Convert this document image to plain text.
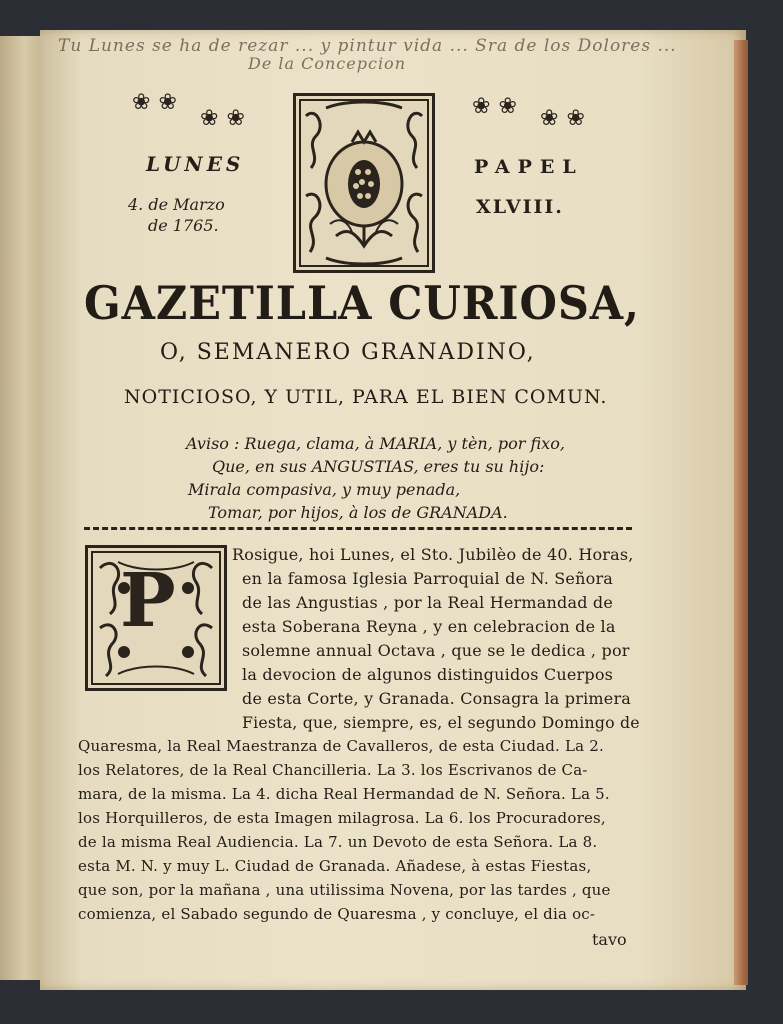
Tu Lunes se ha de rezar ... y pintur vida ... Sra de los Dolores ...
De la Concepcion
❀❀
❀❀	❀❀ ❀❀
LUNES
4. de Marzo
de 1765.
PAPEL
XLVIII.
GAZETILLA CURIOSA,
O, SEMANERO GRANADINO,
NOTICIOSO, Y UTIL, PARA EL BIEN COMUN.
Aviso : Ruega, clama, à MARIA, y tèn, por fixo,
Que, en sus ANGUSTIAS, eres tu su hijo:
Mirala compasiva, y muy penada,
Tomar, por hijos, à los de GRANADA.
P
Rosigue, hoi Lunes, el Sto. Jubilèo de 40. Horas,
en la famosa Iglesia Parroquial de N. Señora
de las Angustias , por la Real Hermandad de
esta Soberana Reyna , y en celebracion de la
solemne annual Octava , que se le dedica , por
la devocion de algunos distinguidos Cuerpos
de esta Corte, y Granada. Consagra la primera
Fiesta, que, siempre, es, el segundo Domingo de
Quaresma, la Real Maestranza de Cavalleros, de esta Ciudad. La 2.
los Relatores, de la Real Chancilleria. La 3. los Escrivanos de Ca-
mara, de la misma. La 4. dicha Real Hermandad de N. Señora. La 5.
los Horquilleros, de esta Imagen milagrosa. La 6. los Procuradores,
de la misma Real Audiencia. La 7. un Devoto de esta Señora. La 8.
esta M. N. y muy L. Ciudad de Granada. Añadese, à estas Fiestas,
que son, por la mañana , una utilissima Novena, por las tardes , que
comienza, el Sabado segundo de Quaresma , y concluye, el dia oc-
tavo
